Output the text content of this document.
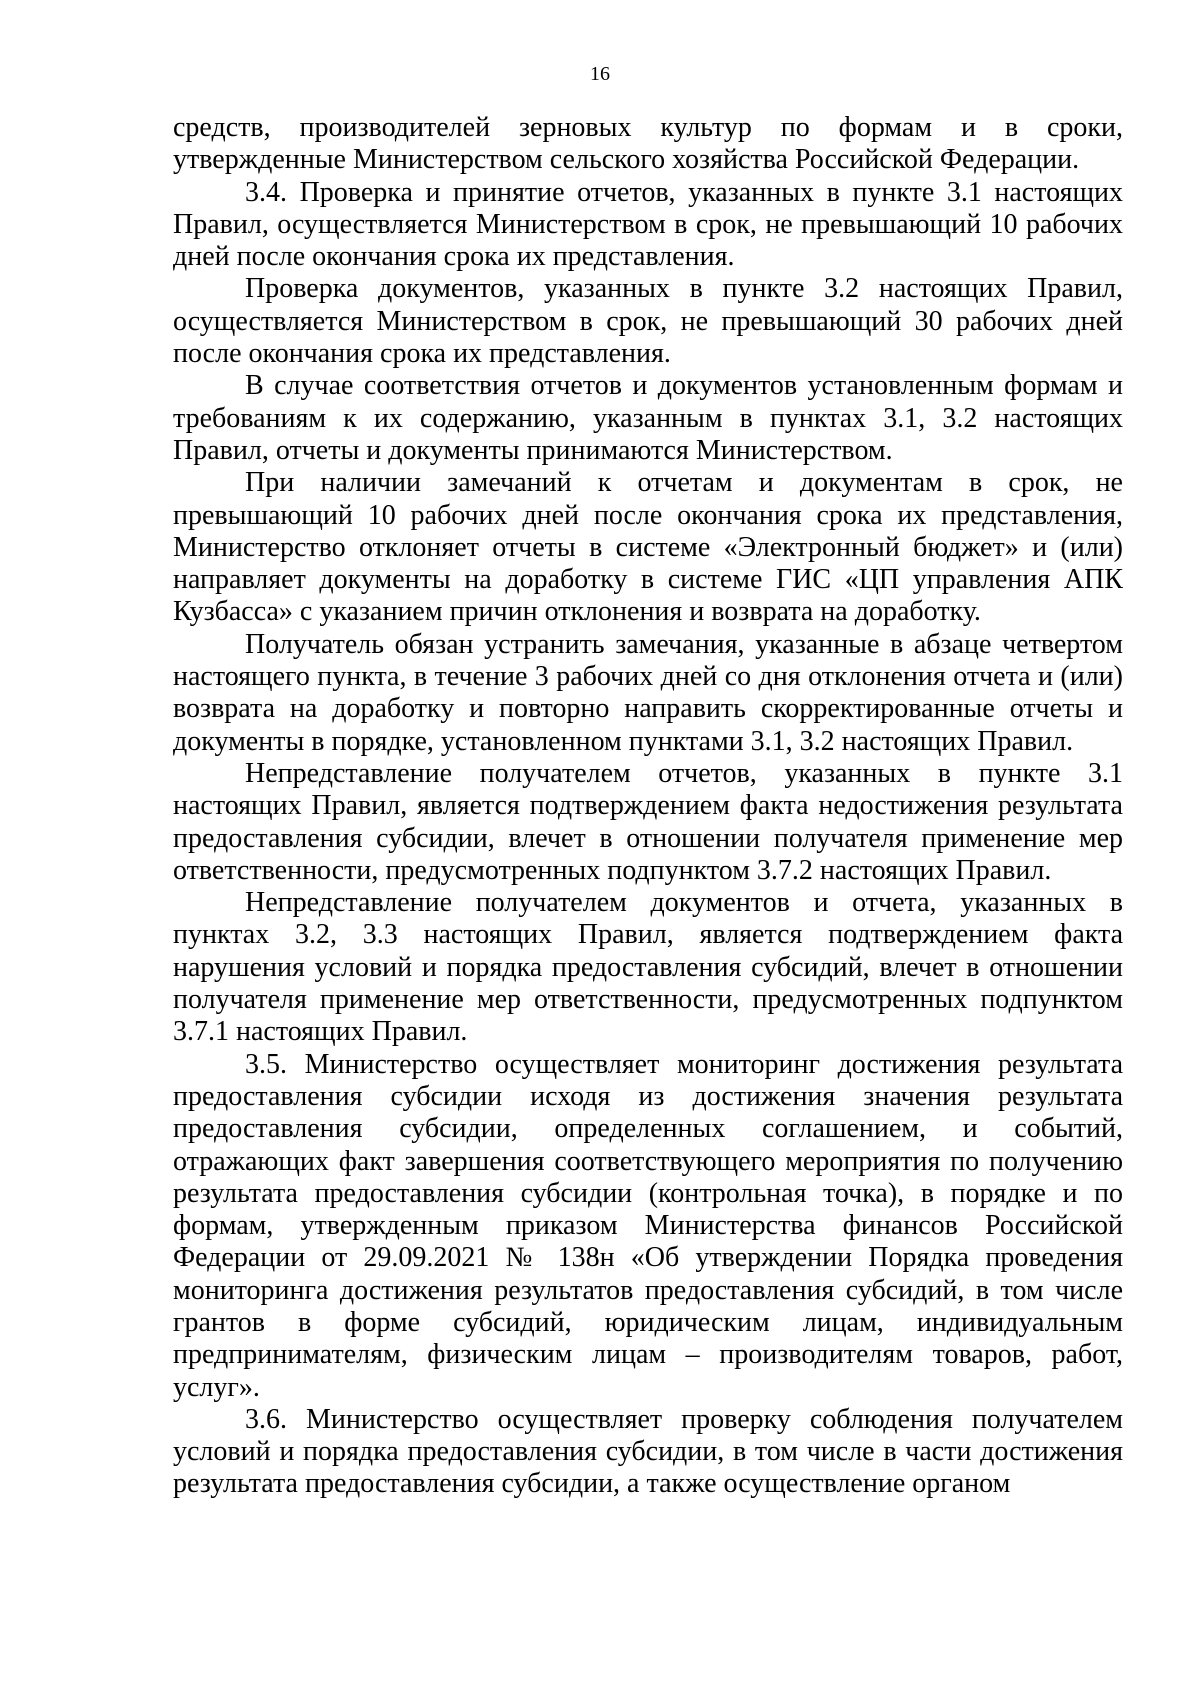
16

средств, производителей зерновых культур по формам и в сроки, утвержденные Министерством сельского хозяйства Российской Федерации.

3.4. Проверка и принятие отчетов, указанных в пункте 3.1 настоящих Правил, осуществляется Министерством в срок, не превышающий 10 рабочих дней после окончания срока их представления.

Проверка документов, указанных в пункте 3.2 настоящих Правил, осуществляется Министерством в срок, не превышающий 30 рабочих дней после окончания срока их представления.

В случае соответствия отчетов и документов установленным формам и требованиям к их содержанию, указанным в пунктах 3.1, 3.2 настоящих Правил, отчеты и документы принимаются Министерством.

При наличии замечаний к отчетам и документам в срок, не превышающий 10 рабочих дней после окончания срока их представления, Министерство отклоняет отчеты в системе «Электронный бюджет» и (или) направляет документы на доработку в системе ГИС «ЦП управления АПК Кузбасса» с указанием причин отклонения и возврата на доработку.

Получатель обязан устранить замечания, указанные в абзаце четвертом настоящего пункта, в течение 3 рабочих дней со дня отклонения отчета и (или) возврата на доработку и повторно направить скорректированные отчеты и документы в порядке, установленном пунктами 3.1, 3.2 настоящих Правил.

Непредставление получателем отчетов, указанных в пункте 3.1 настоящих Правил, является подтверждением факта недостижения результата предоставления субсидии, влечет в отношении получателя применение мер ответственности, предусмотренных подпунктом 3.7.2 настоящих Правил.

Непредставление получателем документов и отчета, указанных в пунктах 3.2, 3.3 настоящих Правил, является подтверждением факта нарушения условий и порядка предоставления субсидий, влечет в отношении получателя применение мер ответственности, предусмотренных подпунктом 3.7.1 настоящих Правил.

3.5. Министерство осуществляет мониторинг достижения результата предоставления субсидии исходя из достижения значения результата предоставления субсидии, определенных соглашением, и событий, отражающих факт завершения соответствующего мероприятия по получению результата предоставления субсидии (контрольная точка), в порядке и по формам, утвержденным приказом Министерства финансов Российской Федерации от 29.09.2021 № 138н «Об утверждении Порядка проведения мониторинга достижения результатов предоставления субсидий, в том числе грантов в форме субсидий, юридическим лицам, индивидуальным предпринимателям, физическим лицам – производителям товаров, работ, услуг».

3.6. Министерство осуществляет проверку соблюдения получателем условий и порядка предоставления субсидии, в том числе в части достижения результата предоставления субсидии, а также осуществление органом
